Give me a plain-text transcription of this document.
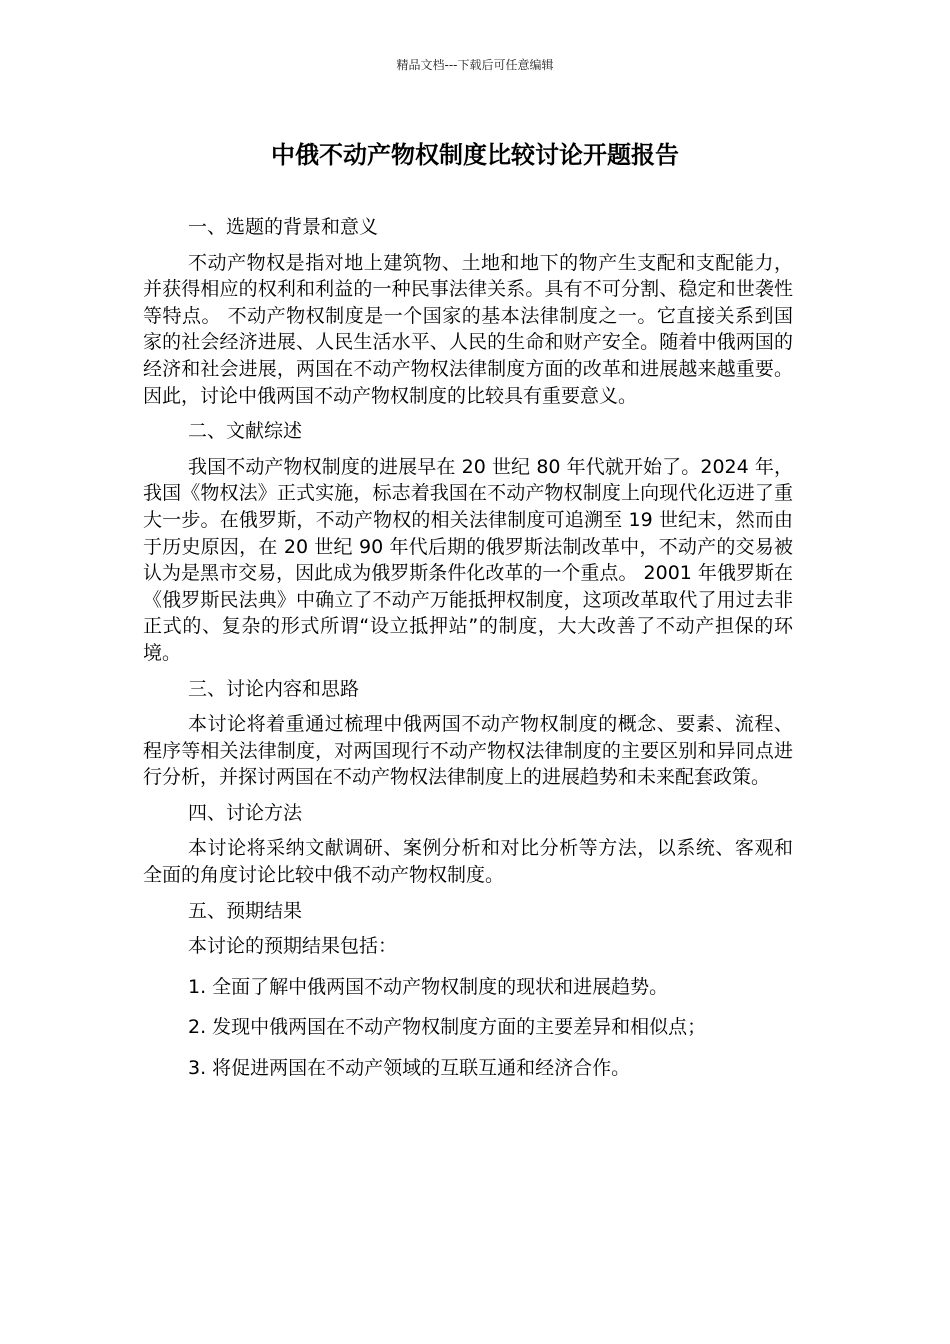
精品文档---下载后可任意编辑
中俄不动产物权制度比较讨论开题报告

一、选题的背景和意义

不动产物权是指对地上建筑物、土地和地下的物产生支配和支配能力，并获得相应的权利和利益的一种民事法律关系。具有不可分割、稳定和世袭性等特点。 不动产物权制度是一个国家的基本法律制度之一。它直接关系到国家的社会经济进展、人民生活水平、人民的生命和财产安全。随着中俄两国的经济和社会进展，两国在不动产物权法律制度方面的改革和进展越来越重要。因此，讨论中俄两国不动产物权制度的比较具有重要意义。

二、文献综述

我国不动产物权制度的进展早在 20 世纪 80 年代就开始了。2024 年，我国《物权法》正式实施，标志着我国在不动产物权制度上向现代化迈进了重大一步。在俄罗斯，不动产物权的相关法律制度可追溯至 19 世纪末，然而由于历史原因，在 20 世纪 90 年代后期的俄罗斯法制改革中，不动产的交易被认为是黑市交易，因此成为俄罗斯条件化改革的一个重点。 2001 年俄罗斯在《俄罗斯民法典》中确立了不动产万能抵押权制度，这项改革取代了用过去非正式的、复杂的形式所谓“设立抵押站”的制度，大大改善了不动产担保的环境。

三、讨论内容和思路

本讨论将着重通过梳理中俄两国不动产物权制度的概念、要素、流程、程序等相关法律制度，对两国现行不动产物权法律制度的主要区别和异同点进行分析，并探讨两国在不动产物权法律制度上的进展趋势和未来配套政策。

四、讨论方法

本讨论将采纳文献调研、案例分析和对比分析等方法，以系统、客观和全面的角度讨论比较中俄不动产物权制度。

五、预期结果

本讨论的预期结果包括：

1. 全面了解中俄两国不动产物权制度的现状和进展趋势。

2. 发现中俄两国在不动产物权制度方面的主要差异和相似点；

3. 将促进两国在不动产领域的互联互通和经济合作。
